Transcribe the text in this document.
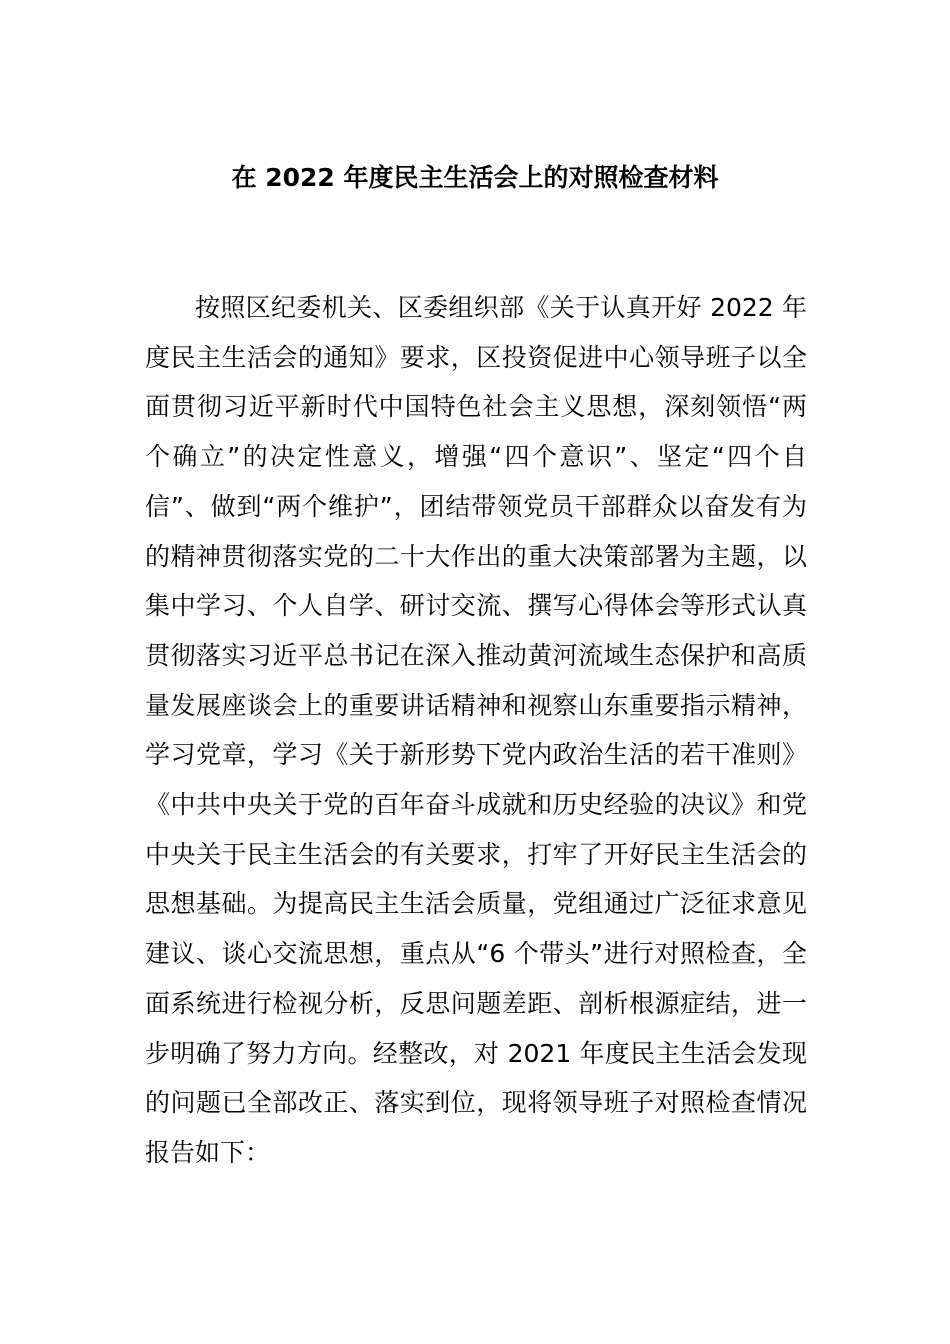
在 2022 年度民主生活会上的对照检查材料

按照区纪委机关、区委组织部《关于认真开好 2022 年度民主生活会的通知》要求，区投资促进中心领导班子以全面贯彻习近平新时代中国特色社会主义思想，深刻领悟“两个确立”的决定性意义，增强“四个意识”、坚定“四个自信”、做到“两个维护”，团结带领党员干部群众以奋发有为的精神贯彻落实党的二十大作出的重大决策部署为主题，以集中学习、个人自学、研讨交流、撰写心得体会等形式认真贯彻落实习近平总书记在深入推动黄河流域生态保护和高质量发展座谈会上的重要讲话精神和视察山东重要指示精神，学习党章，学习《关于新形势下党内政治生活的若干准则》《中共中央关于党的百年奋斗成就和历史经验的决议》和党中央关于民主生活会的有关要求，打牢了开好民主生活会的思想基础。为提高民主生活会质量，党组通过广泛征求意见建议、谈心交流思想，重点从“6 个带头”进行对照检查，全面系统进行检视分析，反思问题差距、剖析根源症结，进一步明确了努力方向。经整改，对 2021 年度民主生活会发现的问题已全部改正、落实到位，现将领导班子对照检查情况报告如下：
